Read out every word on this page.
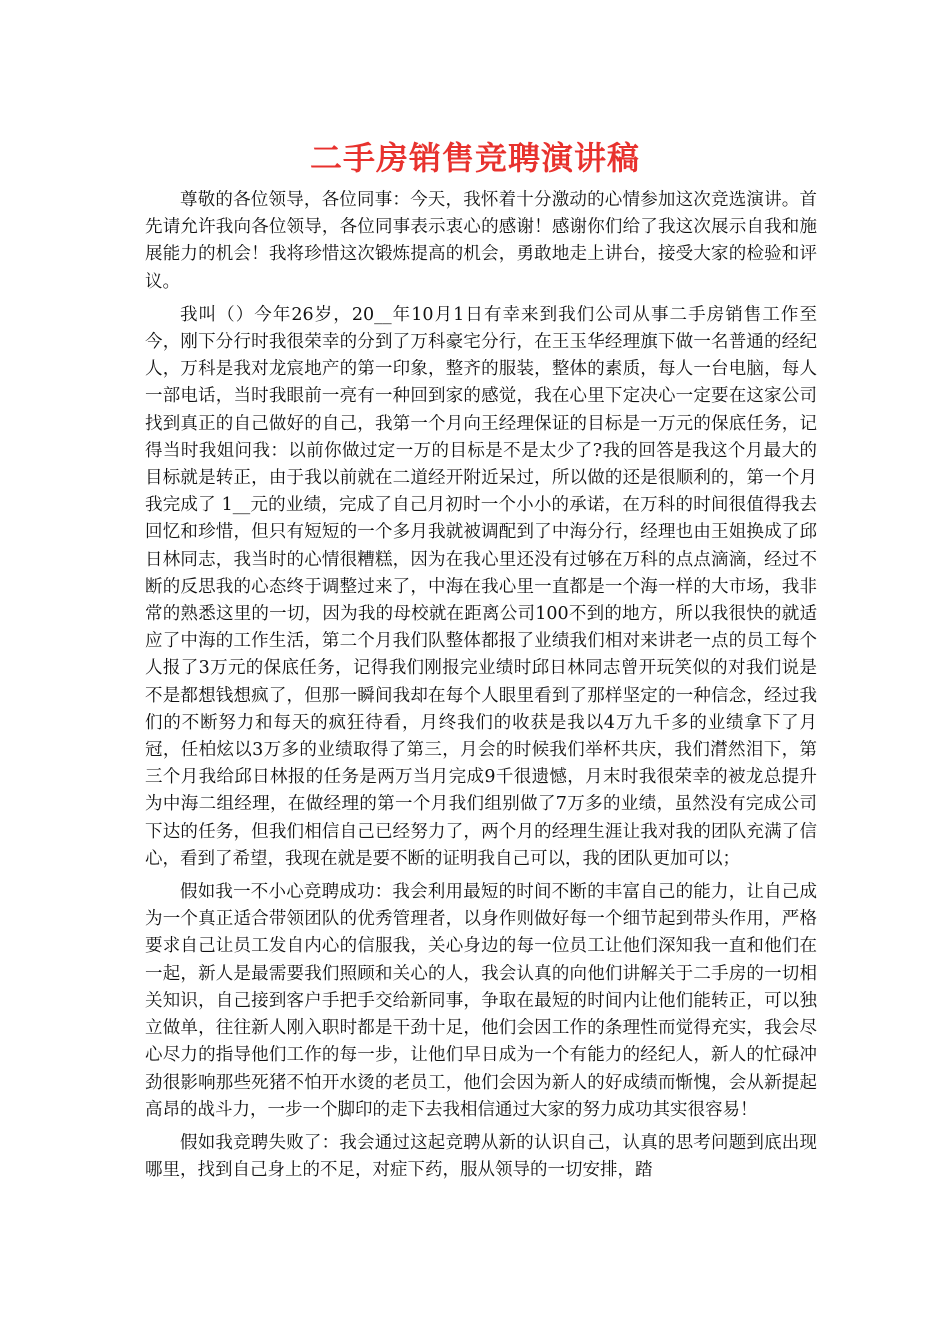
二手房销售竞聘演讲稿

尊敬的各位领导，各位同事：今天，我怀着十分激动的心情参加这次竞选演讲。首先请允许我向各位领导，各位同事表示衷心的感谢！感谢你们给了我这次展示自我和施展能力的机会！我将珍惜这次锻炼提高的机会，勇敢地走上讲台，接受大家的检验和评议。

我叫（）今年26岁，20__年10月1日有幸来到我们公司从事二手房销售工作至今，刚下分行时我很荣幸的分到了万科豪宅分行，在王玉华经理旗下做一名普通的经纪人，万科是我对龙宸地产的第一印象，整齐的服装，整体的素质，每人一台电脑，每人一部电话，当时我眼前一亮有一种回到家的感觉，我在心里下定决心一定要在这家公司找到真正的自己做好的自己，我第一个月向王经理保证的目标是一万元的保底任务，记得当时我姐问我：以前你做过定一万的目标是不是太少了?我的回答是我这个月最大的目标就是转正，由于我以前就在二道经开附近呆过，所以做的还是很顺利的，第一个月我完成了 1__元的业绩，完成了自己月初时一个小小的承诺，在万科的时间很值得我去回忆和珍惜，但只有短短的一个多月我就被调配到了中海分行，经理也由王姐换成了邱日林同志，我当时的心情很糟糕，因为在我心里还没有过够在万科的点点滴滴，经过不断的反思我的心态终于调整过来了，中海在我心里一直都是一个海一样的大市场，我非常的熟悉这里的一切，因为我的母校就在距离公司100不到的地方，所以我很快的就适应了中海的工作生活，第二个月我们队整体都报了业绩我们相对来讲老一点的员工每个人报了3万元的保底任务，记得我们刚报完业绩时邱日林同志曾开玩笑似的对我们说是不是都想钱想疯了，但那一瞬间我却在每个人眼里看到了那样坚定的一种信念，经过我们的不断努力和每天的疯狂待看，月终我们的收获是我以4万九千多的业绩拿下了月冠，任柏炫以3万多的业绩取得了第三，月会的时候我们举杯共庆，我们潸然泪下，第三个月我给邱日林报的任务是两万当月完成9千很遗憾，月末时我很荣幸的被龙总提升为中海二组经理，在做经理的第一个月我们组别做了7万多的业绩，虽然没有完成公司下达的任务，但我们相信自己已经努力了，两个月的经理生涯让我对我的团队充满了信心，看到了希望，我现在就是要不断的证明我自己可以，我的团队更加可以；

假如我一不小心竞聘成功：我会利用最短的时间不断的丰富自己的能力，让自己成为一个真正适合带领团队的优秀管理者，以身作则做好每一个细节起到带头作用，严格要求自己让员工发自内心的信服我，关心身边的每一位员工让他们深知我一直和他们在一起，新人是最需要我们照顾和关心的人，我会认真的向他们讲解关于二手房的一切相关知识，自己接到客户手把手交给新同事，争取在最短的时间内让他们能转正，可以独立做单，往往新人刚入职时都是干劲十足，他们会因工作的条理性而觉得充实，我会尽心尽力的指导他们工作的每一步，让他们早日成为一个有能力的经纪人，新人的忙碌冲劲很影响那些死猪不怕开水烫的老员工，他们会因为新人的好成绩而惭愧，会从新提起高昂的战斗力，一步一个脚印的走下去我相信通过大家的努力成功其实很容易！

假如我竞聘失败了：我会通过这起竞聘从新的认识自己，认真的思考问题到底出现哪里，找到自己身上的不足，对症下药，服从领导的一切安排，踏
